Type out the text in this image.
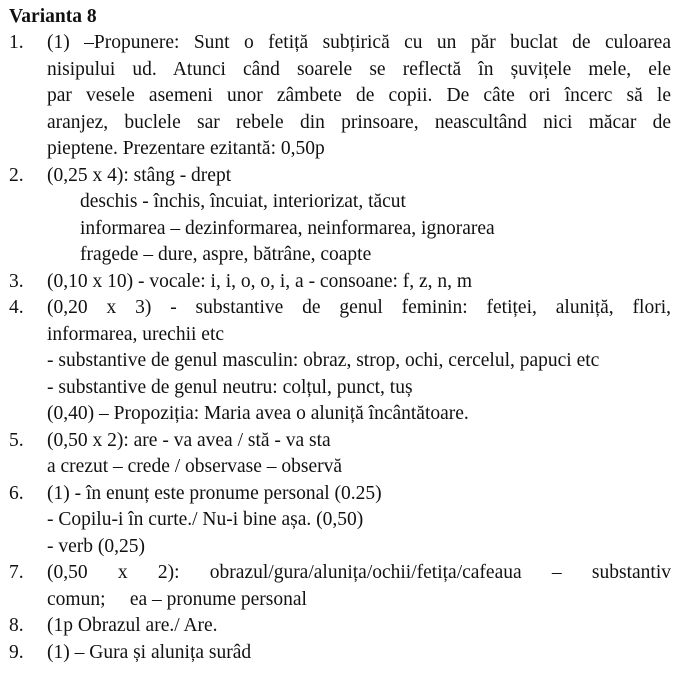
Varianta 8
1. (1) –Propunere: Sunt o fetiță subțirică cu un păr buclat de culoarea
nisipului ud. Atunci când soarele se reflectă în șuvițele mele, ele
par vesele asemeni unor zâmbete de copii. De câte ori încerc să le
aranjez, buclele sar rebele din prinsoare, neascultând nici măcar de
pieptene. Prezentare ezitantă: 0,50p
2. (0,25 x 4): stâng - drept
deschis - închis, încuiat, interiorizat, tăcut
informarea – dezinformarea, neinformarea, ignorarea
fragede – dure, aspre, bătrâne, coapte
3. (0,10 x 10) - vocale: i, i, o, o, i, a - consoane: f, z, n, m
4. (0,20 x 3) - substantive de genul feminin: fetiței, aluniță, flori,
informarea, urechii etc
- substantive de genul masculin: obraz, strop, ochi, cercelul, papuci etc
- substantive de genul neutru: colțul, punct, tuș
(0,40) – Propoziția: Maria avea o aluniță încântătoare.
5. (0,50 x 2): are - va avea / stă - va sta
a crezut – crede / observase – observă
6. (1) - în enunț este pronume personal (0.25)
- Copilu-i în curte./ Nu-i bine așa. (0,50)
- verb (0,25)
7. (0,50 x 2): obrazul/gura/alunița/ochii/fetița/cafeaua – substantiv
comun;     ea – pronume personal
8. (1p Obrazul are./ Are.
9. (1) – Gura și alunița surâd
